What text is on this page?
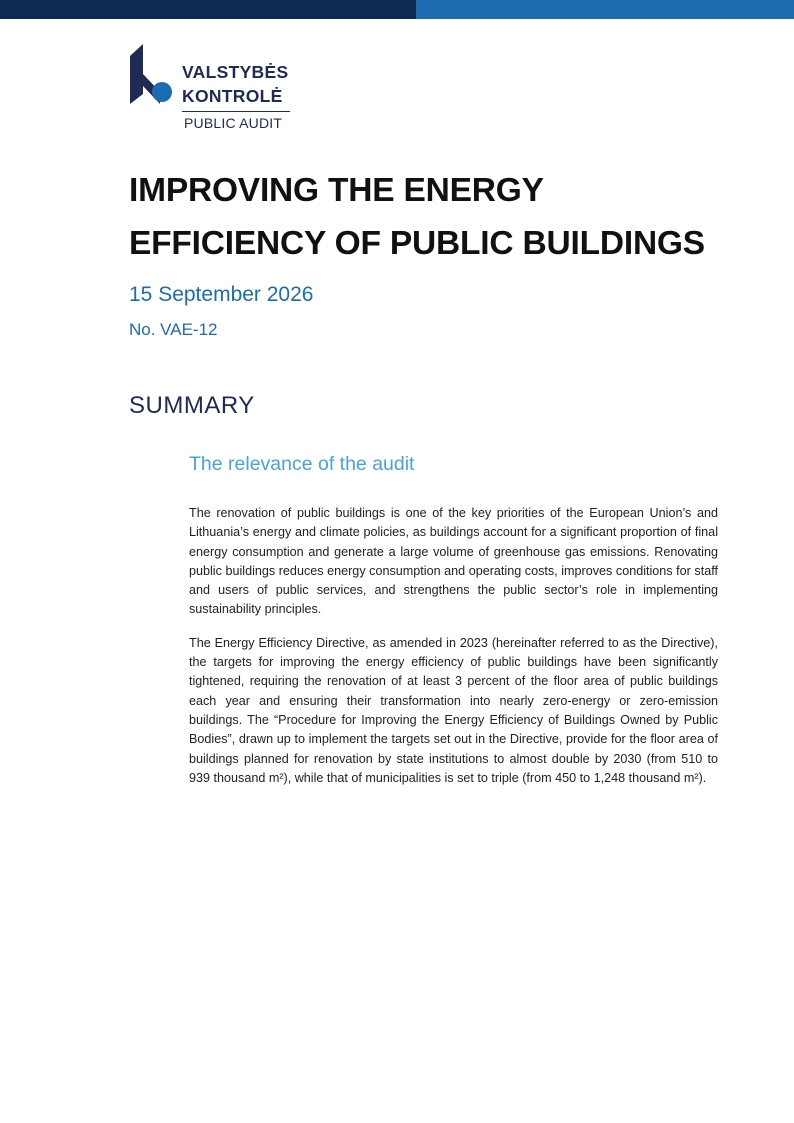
VALSTYBĖS
KONTROLĖ
PUBLIC AUDIT
IMPROVING THE ENERGY
EFFICIENCY OF PUBLIC BUILDINGS
15 September 2026
No. VAE-12
SUMMARY
The relevance of the audit

The renovation of public buildings is one of the key priorities of the European Union’s and Lithuania’s energy and climate policies, as buildings account for a significant proportion of final energy consumption and generate a large volume of greenhouse gas emissions. Renovating public buildings reduces energy consumption and operating costs, improves conditions for staff and users of public services, and strengthens the public sector’s role in implementing sustainability principles.

The Energy Efficiency Directive, as amended in 2023 (hereinafter referred to as the Directive), the targets for improving the energy efficiency of public buildings have been significantly tightened, requiring the renovation of at least 3 percent of the floor area of public buildings each year and ensuring their transformation into nearly zero-energy or zero-emission buildings. The “Procedure for Improving the Energy Efficiency of Buildings Owned by Public Bodies”, drawn up to implement the targets set out in the Directive, provide for the floor area of buildings planned for renovation by state institutions to almost double by 2030 (from 510 to 939 thousand m²), while that of municipalities is set to triple (from 450 to 1,248 thousand m²).
